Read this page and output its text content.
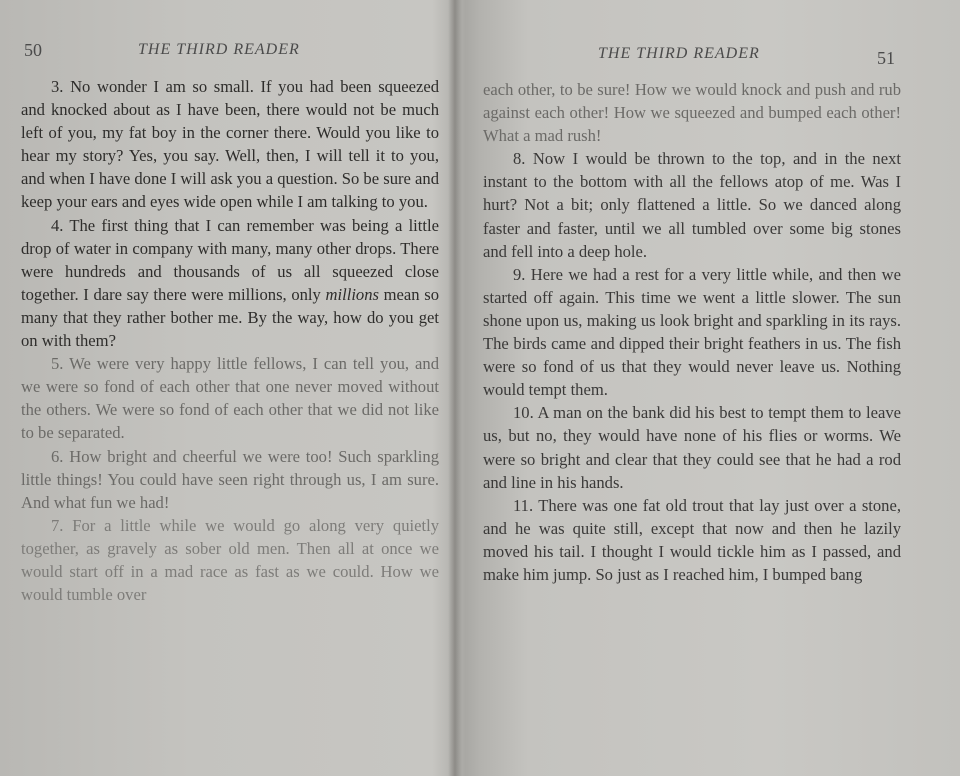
50	THE THIRD READER

3. No wonder I am so small. If you had been squeezed and knocked about as I have been, there would not be much left of you, my fat boy in the corner there. Would you like to hear my story? Yes, you say. Well, then, I will tell it to you, and when I have done I will ask you a question. So be sure and keep your ears and eyes wide open while I am talking to you.

4. The first thing that I can remember was being a little drop of water in company with many, many other drops. There were hundreds and thousands of us all squeezed close together. I dare say there were millions, only millions mean so many that they rather bother me. By the way, how do you get on with them?

5. We were very happy little fellows, I can tell you, and we were so fond of each other that one never moved without the others. We were so fond of each other that we did not like to be separated.

6. How bright and cheerful we were too! Such sparkling little things! You could have seen right through us, I am sure. And what fun we had!

7. For a little while we would go along very quietly together, as gravely as sober old men. Then all at once we would start off in a mad race as fast as we could. How we would tumble over

THE THIRD READER	51

each other, to be sure! How we would knock and push and rub against each other! How we squeezed and bumped each other! What a mad rush!

8. Now I would be thrown to the top, and in the next instant to the bottom with all the fellows atop of me. Was I hurt? Not a bit; only flattened a little. So we danced along faster and faster, until we all tumbled over some big stones and fell into a deep hole.

9. Here we had a rest for a very little while, and then we started off again. This time we went a little slower. The sun shone upon us, making us look bright and sparkling in its rays. The birds came and dipped their bright feathers in us. The fish were so fond of us that they would never leave us. Nothing would tempt them.

10. A man on the bank did his best to tempt them to leave us, but no, they would have none of his flies or worms. We were so bright and clear that they could see that he had a rod and line in his hands.

11. There was one fat old trout that lay just over a stone, and he was quite still, except that now and then he lazily moved his tail. I thought I would tickle him as I passed, and make him jump. So just as I reached him, I bumped bang
